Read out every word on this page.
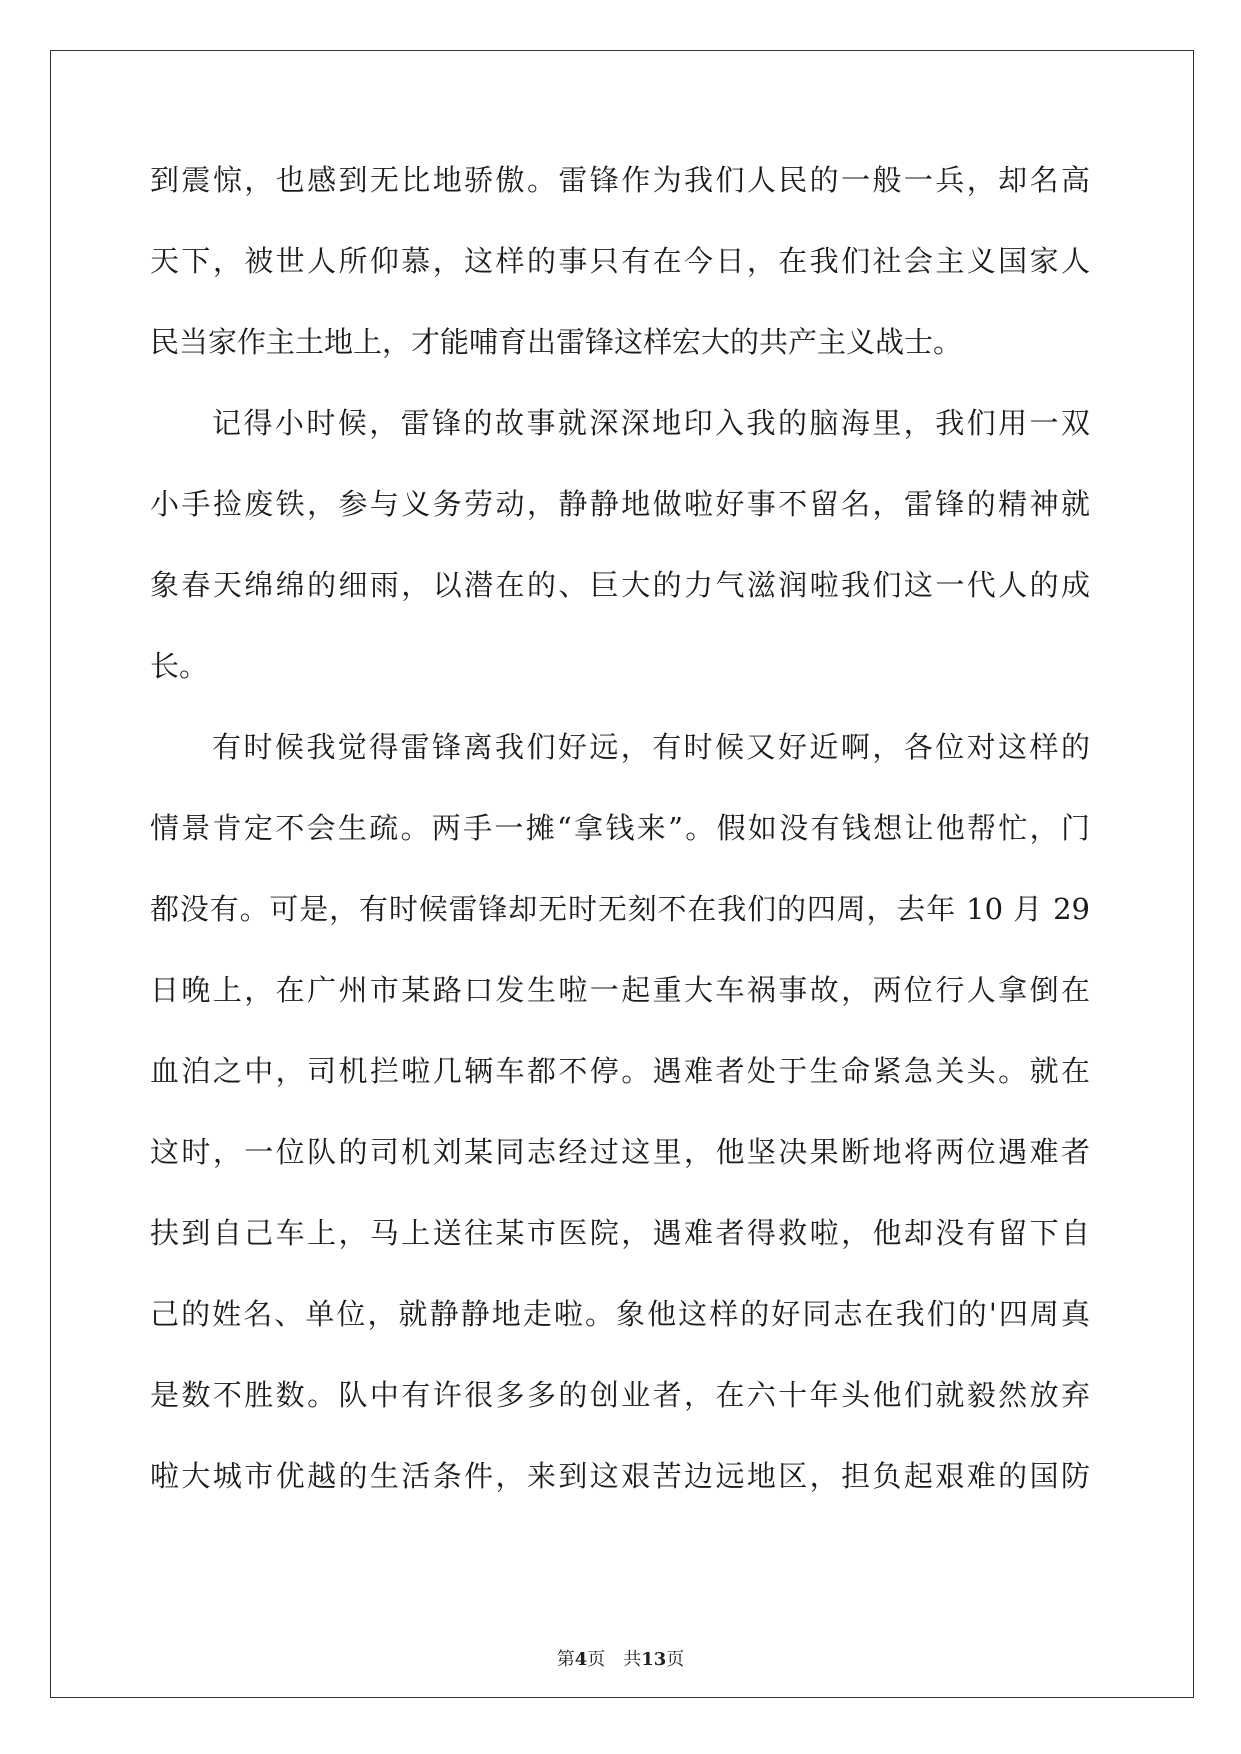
到震惊，也感到无比地骄傲。雷锋作为我们人民的一般一兵，却名高
天下，被世人所仰慕，这样的事只有在今日，在我们社会主义国家人
民当家作主土地上，才能哺育出雷锋这样宏大的共产主义战士。
记得小时候，雷锋的故事就深深地印入我的脑海里，我们用一双
小手捡废铁，参与义务劳动，静静地做啦好事不留名，雷锋的精神就
象春天绵绵的细雨，以潜在的、巨大的力气滋润啦我们这一代人的成
长。
有时候我觉得雷锋离我们好远，有时候又好近啊，各位对这样的
情景肯定不会生疏。两手一摊“拿钱来”。假如没有钱想让他帮忙，门
都没有。可是，有时候雷锋却无时无刻不在我们的四周，去年 10 月 29
日晚上，在广州市某路口发生啦一起重大车祸事故，两位行人拿倒在
血泊之中，司机拦啦几辆车都不停。遇难者处于生命紧急关头。就在
这时，一位队的司机刘某同志经过这里，他坚决果断地将两位遇难者
扶到自己车上，马上送往某市医院，遇难者得救啦，他却没有留下自
己的姓名、单位，就静静地走啦。象他这样的好同志在我们的'四周真
是数不胜数。队中有许很多多的创业者，在六十年头他们就毅然放弃
啦大城市优越的生活条件，来到这艰苦边远地区，担负起艰难的国防
第4页 共13页
